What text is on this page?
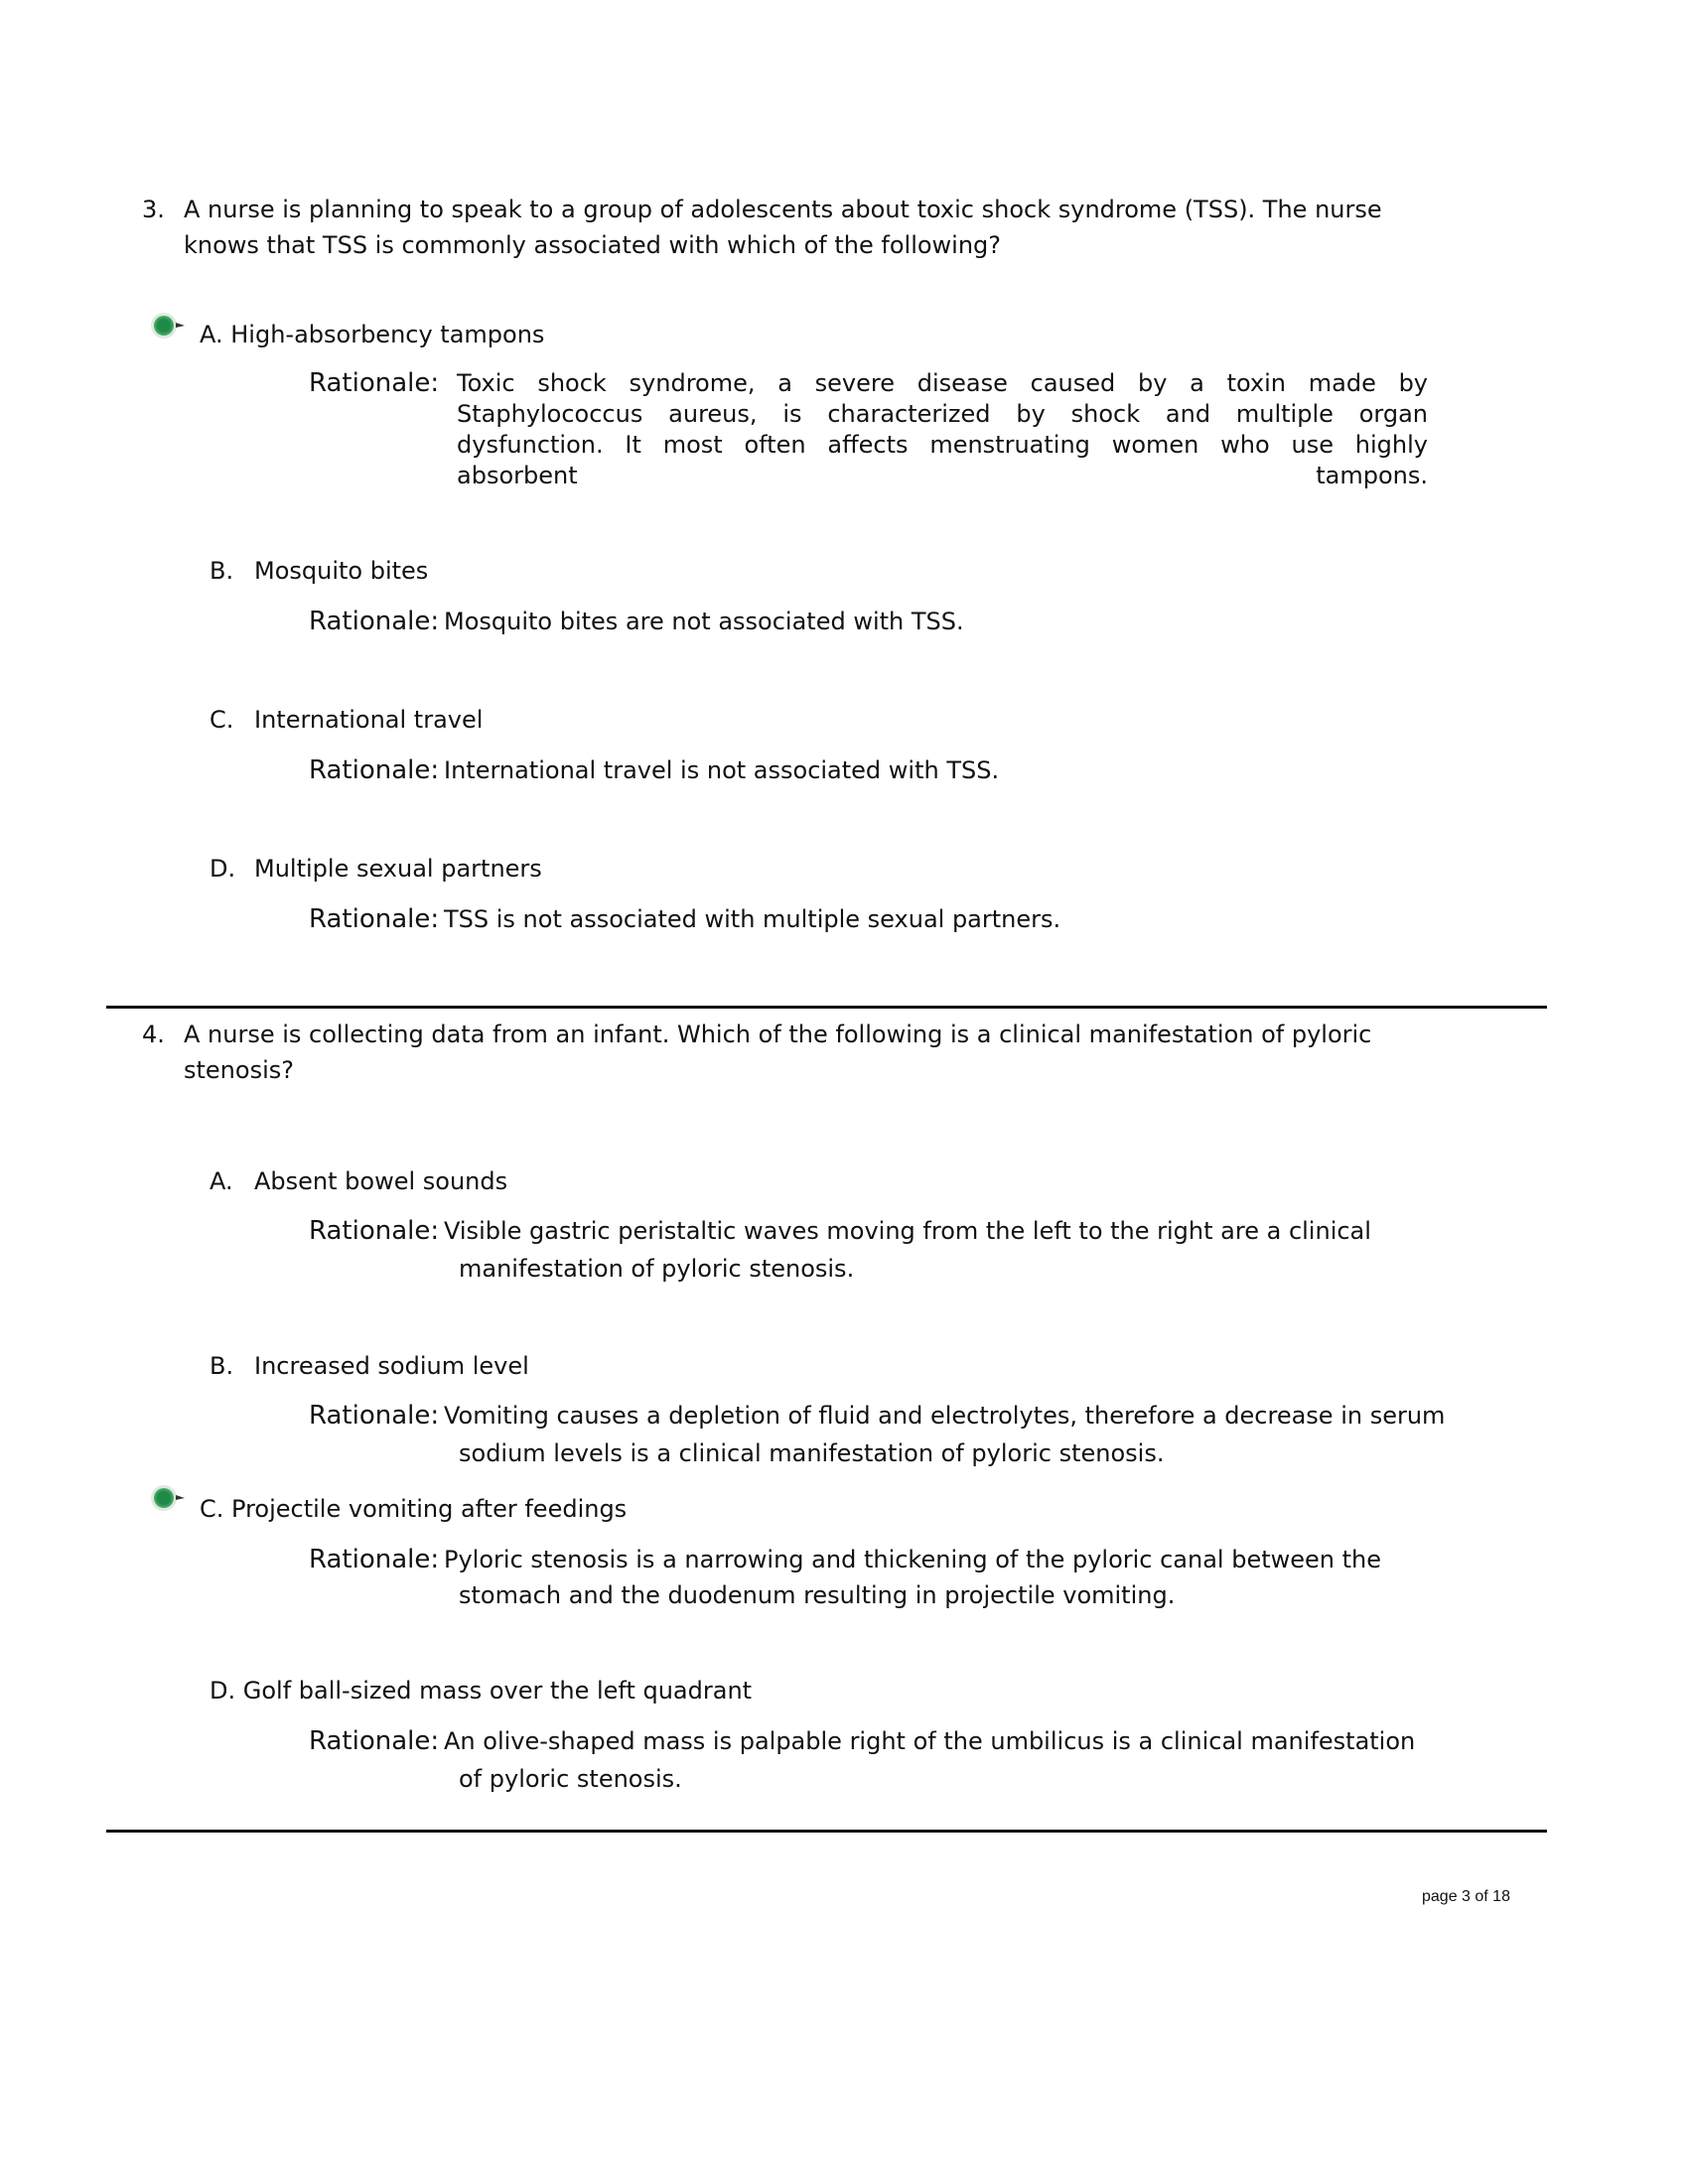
3. A nurse is planning to speak to a group of adolescents about toxic shock syndrome (TSS). The nurse knows that TSS is commonly associated with which of the following?
A. High-absorbency tampons
Rationale: Toxic shock syndrome, a severe disease caused by a toxin made by Staphylococcus aureus, is characterized by shock and multiple organ dysfunction. It most often affects menstruating women who use highly absorbent tampons.
B. Mosquito bites
Rationale: Mosquito bites are not associated with TSS.
C. International travel
Rationale: International travel is not associated with TSS.
D. Multiple sexual partners
Rationale: TSS is not associated with multiple sexual partners.
4. A nurse is collecting data from an infant. Which of the following is a clinical manifestation of pyloric stenosis?
A. Absent bowel sounds
Rationale: Visible gastric peristaltic waves moving from the left to the right are a clinical
manifestation of pyloric stenosis.
B. Increased sodium level
Rationale: Vomiting causes a depletion of fluid and electrolytes, therefore a decrease in serum
sodium levels is a clinical manifestation of pyloric stenosis.
C. Projectile vomiting after feedings
Rationale: Pyloric stenosis is a narrowing and thickening of the pyloric canal between the
stomach and the duodenum resulting in projectile vomiting.
D. Golf ball-sized mass over the left quadrant
Rationale: An olive-shaped mass is palpable right of the umbilicus is a clinical manifestation
of pyloric stenosis.
page 3 of 18
